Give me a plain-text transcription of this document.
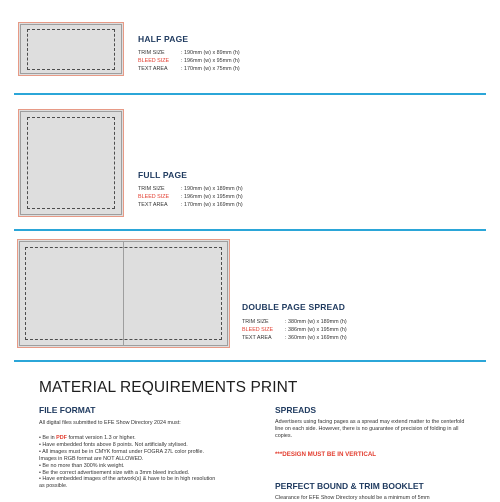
HALF PAGE
TRIM SIZE	: 190mm (w) x 89mm (h)
BLEED SIZE : 196mm (w) x 95mm (h)
TEXT AREA : 170mm (w) x 75mm (h)
FULL PAGE
TRIM SIZE	: 190mm (w) x 189mm (h)
BLEED SIZE : 196mm (w) x 195mm (h)
TEXT AREA : 170mm (w) x 169mm (h)
DOUBLE PAGE SPREAD
TRIM SIZE	: 380mm (w) x 189mm (h)
BLEED SIZE : 386mm (w) x 195mm (h)
TEXT AREA : 360mm (w) x 169mm (h)
MATERIAL REQUIREMENTS PRINT
FILE FORMAT
All digital files submitted to EFE Show Directory 2024 must:
• Be in PDF format version 1.3 or higher.
• Have embedded fonts above 8 points. Not artificially stylised.
• All images must be in CMYK format under FOGRA 27L color profile.
Images in RGB format are NOT ALLOWED.
• Be no more than 300% ink weight.
• Be the correct advertisement size with a 3mm bleed included.
• Have embedded images of the artwork(s) & have to be in high resolution
as possible.
SPREADS
Advertisers using facing pages as a spread may extend matter to the centerfold line on each side. However, there is no guarantee of precision of folding in all copies.
***DESIGN MUST BE IN VERTICAL
PERFECT BOUND & TRIM BOOKLET
Clearance for EFE Show Directory should be a minimum of 5mm
